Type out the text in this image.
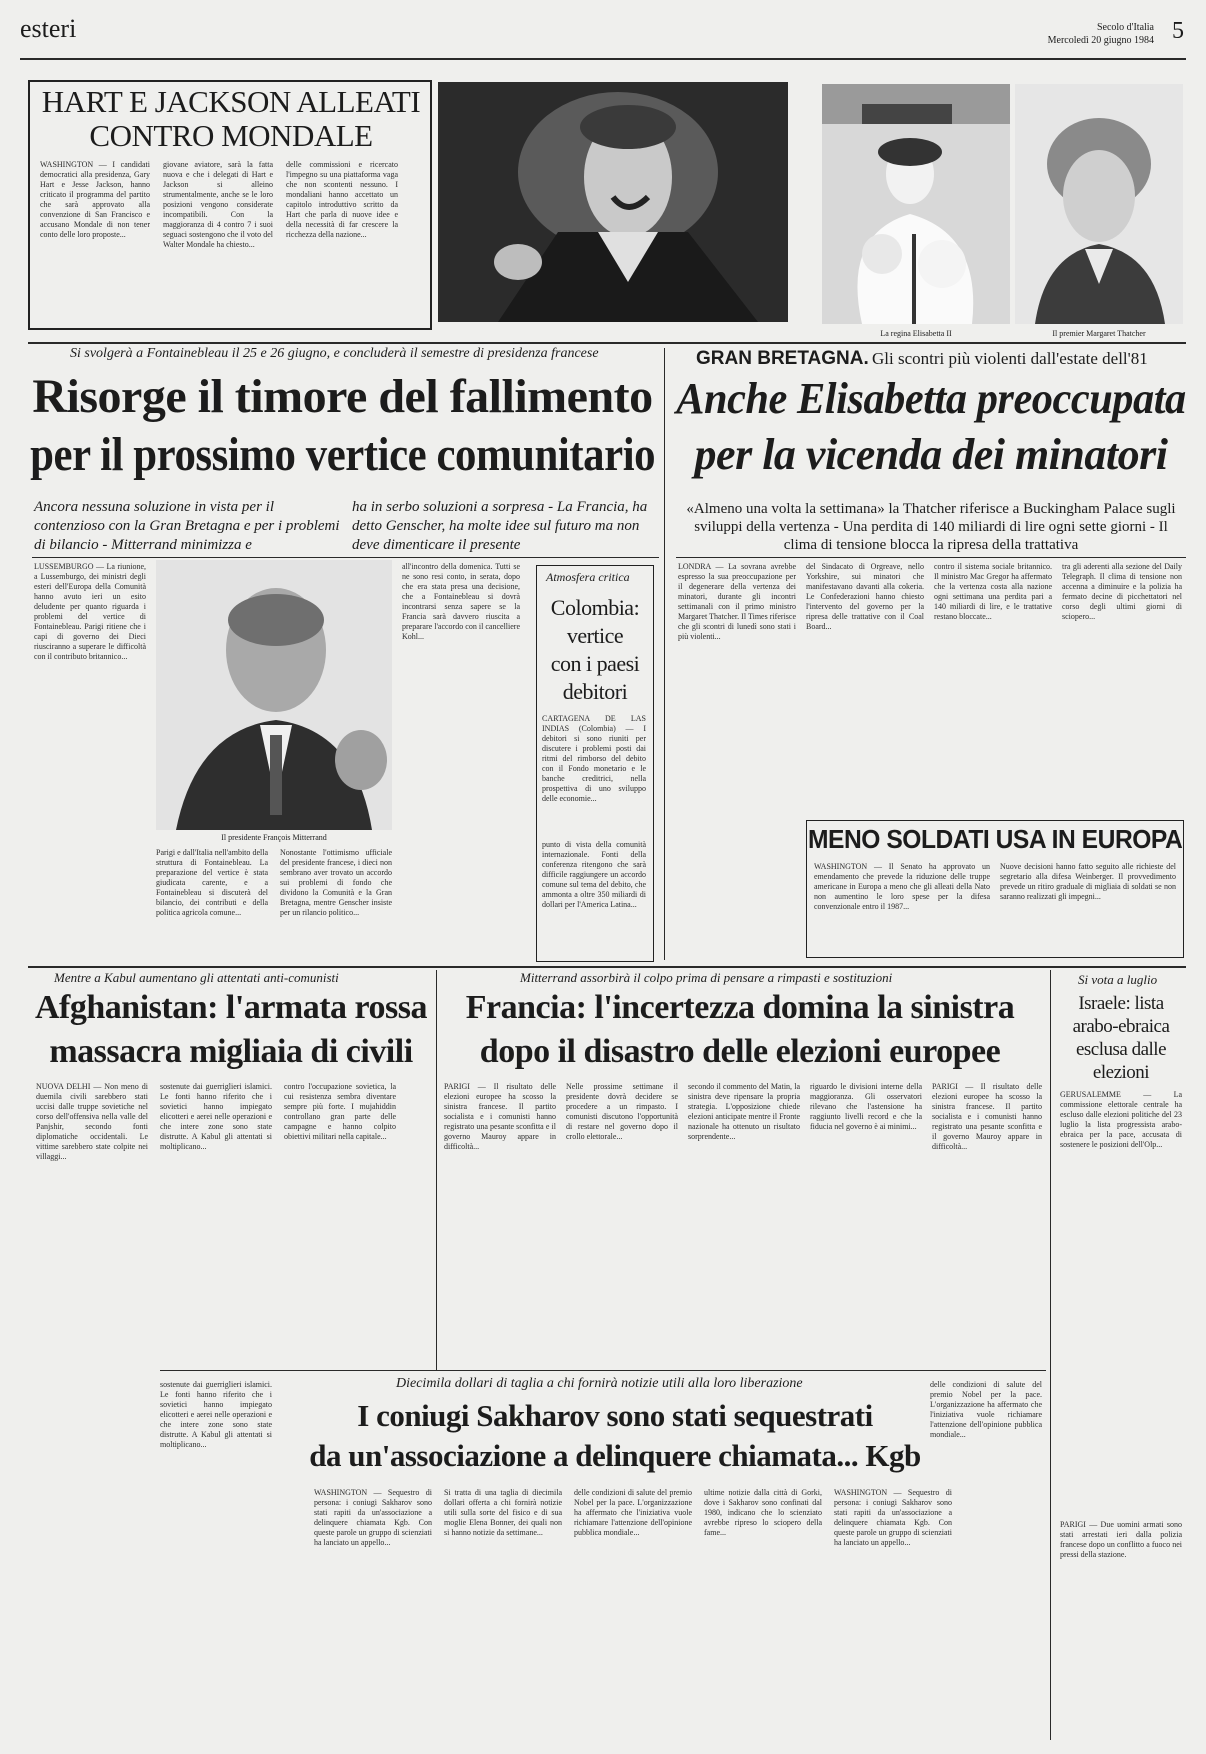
esteri	Secolo d'Italia
Mercoledì 20 giugno 1984 5
HART E JACKSON ALLEATI
CONTRO MONDALE
WASHINGTON — I candidati democratici alla presidenza, Gary Hart e Jesse Jackson, hanno criticato il programma del partito che sarà approvato alla convenzione di San Francisco e accusano Mondale di non tener conto delle loro proposte...
giovane aviatore, sarà la fatta nuova e che i delegati di Hart e Jackson si alleino strumentalmente, anche se le loro posizioni vengono considerate incompatibili. Con la maggioranza di 4 contro 7 i suoi seguaci sostengono che il voto del Walter Mondale ha chiesto...
delle commissioni e ricercato l'impegno su una piattaforma vaga che non scontenti nessuno. I mondaliani hanno accettato un capitolo introduttivo scritto da Hart che parla di nuove idee e della necessità di far crescere la ricchezza della nazione...
La regina Elisabetta II	Il premier Margaret Thatcher
Si svolgerà a Fontainebleau il 25 e 26 giugno, e concluderà il semestre di presidenza francese
Risorge il timore del fallimento
per il prossimo vertice comunitario
Ancora nessuna soluzione in vista per il contenzioso con la Gran Bretagna e per i problemi di bilancio - Mitterrand minimizza e
ha in serbo soluzioni a sorpresa - La Francia, ha detto Genscher, ha molte idee sul futuro ma non deve dimenticare il presente
LUSSEMBURGO — La riunione, a Lussemburgo, dei ministri degli esteri dell'Europa della Comunità hanno avuto ieri un esito deludente per quanto riguarda i problemi del vertice di Fontainebleau. Parigi ritiene che i capi di governo dei Dieci riusciranno a superare le difficoltà con il contributo britannico...
Il presidente François Mitterrand
all'incontro della domenica. Tutti se ne sono resi conto, in serata, dopo che era stata presa una decisione, che a Fontainebleau si dovrà incontrarsi senza sapere se la Francia sarà davvero riuscita a preparare l'accordo con il cancelliere Kohl...
Parigi e dall'Italia nell'ambito della struttura di Fontainebleau. La preparazione del vertice è stata giudicata carente, e a Fontainebleau si discuterà del bilancio, dei contributi e della politica agricola comune...
Nonostante l'ottimismo ufficiale del presidente francese, i dieci non sembrano aver trovato un accordo sui problemi di fondo che dividono la Comunità e la Gran Bretagna, mentre Genscher insiste per un rilancio politico...
Atmosfera critica
Colombia:
vertice
con i paesi
debitori
CARTAGENA DE LAS INDIAS (Colombia) — I debitori si sono riuniti per discutere i problemi posti dai ritmi del rimborso del debito con il Fondo monetario e le banche creditrici, nella prospettiva di uno sviluppo delle economie...
punto di vista della comunità internazionale. Fonti della conferenza ritengono che sarà difficile raggiungere un accordo comune sul tema del debito, che ammonta a oltre 350 miliardi di dollari per l'America Latina...
GRAN BRETAGNA. Gli scontri più violenti dall'estate dell'81
Anche Elisabetta preoccupata
per la vicenda dei minatori
«Almeno una volta la settimana» la Thatcher riferisce a Buckingham Palace sugli sviluppi della vertenza - Una perdita di 140 miliardi di lire ogni sette giorni - Il clima di tensione blocca la ripresa della trattativa
LONDRA — La sovrana avrebbe espresso la sua preoccupazione per il degenerare della vertenza dei minatori, durante gli incontri settimanali con il primo ministro Margaret Thatcher. Il Times riferisce che gli scontri di lunedì sono stati i più violenti...
del Sindacato di Orgreave, nello Yorkshire, sui minatori che manifestavano davanti alla cokeria. Le Confederazioni hanno chiesto l'intervento del governo per la ripresa delle trattative con il Coal Board...
contro il sistema sociale britannico. Il ministro Mac Gregor ha affermato che la vertenza costa alla nazione ogni settimana una perdita pari a 140 miliardi di lire, e le trattative restano bloccate...
tra gli aderenti alla sezione del Daily Telegraph. Il clima di tensione non accenna a diminuire e la polizia ha fermato decine di picchettatori nel corso degli ultimi giorni di sciopero...
MENO SOLDATI USA IN EUROPA
WASHINGTON — Il Senato ha approvato un emendamento che prevede la riduzione delle truppe americane in Europa a meno che gli alleati della Nato non aumentino le loro spese per la difesa convenzionale entro il 1987...
Nuove decisioni hanno fatto seguito alle richieste del segretario alla difesa Weinberger. Il provvedimento prevede un ritiro graduale di migliaia di soldati se non saranno realizzati gli impegni...
Mentre a Kabul aumentano gli attentati anti-comunisti
Afghanistan: l'armata rossa
massacra migliaia di civili
NUOVA DELHI — Non meno di duemila civili sarebbero stati uccisi dalle truppe sovietiche nel corso dell'offensiva nella valle del Panjshir, secondo fonti diplomatiche occidentali. Le vittime sarebbero state colpite nei villaggi...
sostenute dai guerriglieri islamici. Le fonti hanno riferito che i sovietici hanno impiegato elicotteri e aerei nelle operazioni e che intere zone sono state distrutte. A Kabul gli attentati si moltiplicano...
contro l'occupazione sovietica, la cui resistenza sembra diventare sempre più forte. I mujahiddin controllano gran parte delle campagne e hanno colpito obiettivi militari nella capitale...
Mitterrand assorbirà il colpo prima di pensare a rimpasti e sostituzioni
Francia: l'incertezza domina la sinistra
dopo il disastro delle elezioni europee
PARIGI — Il risultato delle elezioni europee ha scosso la sinistra francese. Il partito socialista e i comunisti hanno registrato una pesante sconfitta e il governo Mauroy appare in difficoltà...
Nelle prossime settimane il presidente dovrà decidere se procedere a un rimpasto. I comunisti discutono l'opportunità di restare nel governo dopo il crollo elettorale...
secondo il commento del Matin, la sinistra deve ripensare la propria strategia. L'opposizione chiede elezioni anticipate mentre il Fronte nazionale ha ottenuto un risultato sorprendente...
riguardo le divisioni interne della maggioranza. Gli osservatori rilevano che l'astensione ha raggiunto livelli record e che la fiducia nel governo è ai minimi...
PARIGI — Il risultato delle elezioni europee ha scosso la sinistra francese. Il partito socialista e i comunisti hanno registrato una pesante sconfitta e il governo Mauroy appare in difficoltà...
Si vota a luglio
Israele: lista arabo-ebraica esclusa dalle elezioni
GERUSALEMME — La commissione elettorale centrale ha escluso dalle elezioni politiche del 23 luglio la lista progressista arabo-ebraica per la pace, accusata di sostenere le posizioni dell'Olp...
PARIGI — Due uomini armati sono stati arrestati ieri dalla polizia francese dopo un conflitto a fuoco nei pressi della stazione.
Diecimila dollari di taglia a chi fornirà notizie utili alla loro liberazione
I coniugi Sakharov sono stati sequestrati
da un'associazione a delinquere chiamata... Kgb
sostenute dai guerriglieri islamici. Le fonti hanno riferito che i sovietici hanno impiegato elicotteri e aerei nelle operazioni e che intere zone sono state distrutte. A Kabul gli attentati si moltiplicano...
WASHINGTON — Sequestro di persona: i coniugi Sakharov sono stati rapiti da un'associazione a delinquere chiamata Kgb. Con queste parole un gruppo di scienziati ha lanciato un appello...
Si tratta di una taglia di diecimila dollari offerta a chi fornirà notizie utili sulla sorte del fisico e di sua moglie Elena Bonner, dei quali non si hanno notizie da settimane...
delle condizioni di salute del premio Nobel per la pace. L'organizzazione ha affermato che l'iniziativa vuole richiamare l'attenzione dell'opinione pubblica mondiale...
ultime notizie dalla città di Gorki, dove i Sakharov sono confinati dal 1980, indicano che lo scienziato avrebbe ripreso lo sciopero della fame...
WASHINGTON — Sequestro di persona: i coniugi Sakharov sono stati rapiti da un'associazione a delinquere chiamata Kgb. Con queste parole un gruppo di scienziati ha lanciato un appello...
delle condizioni di salute del premio Nobel per la pace. L'organizzazione ha affermato che l'iniziativa vuole richiamare l'attenzione dell'opinione pubblica mondiale...
